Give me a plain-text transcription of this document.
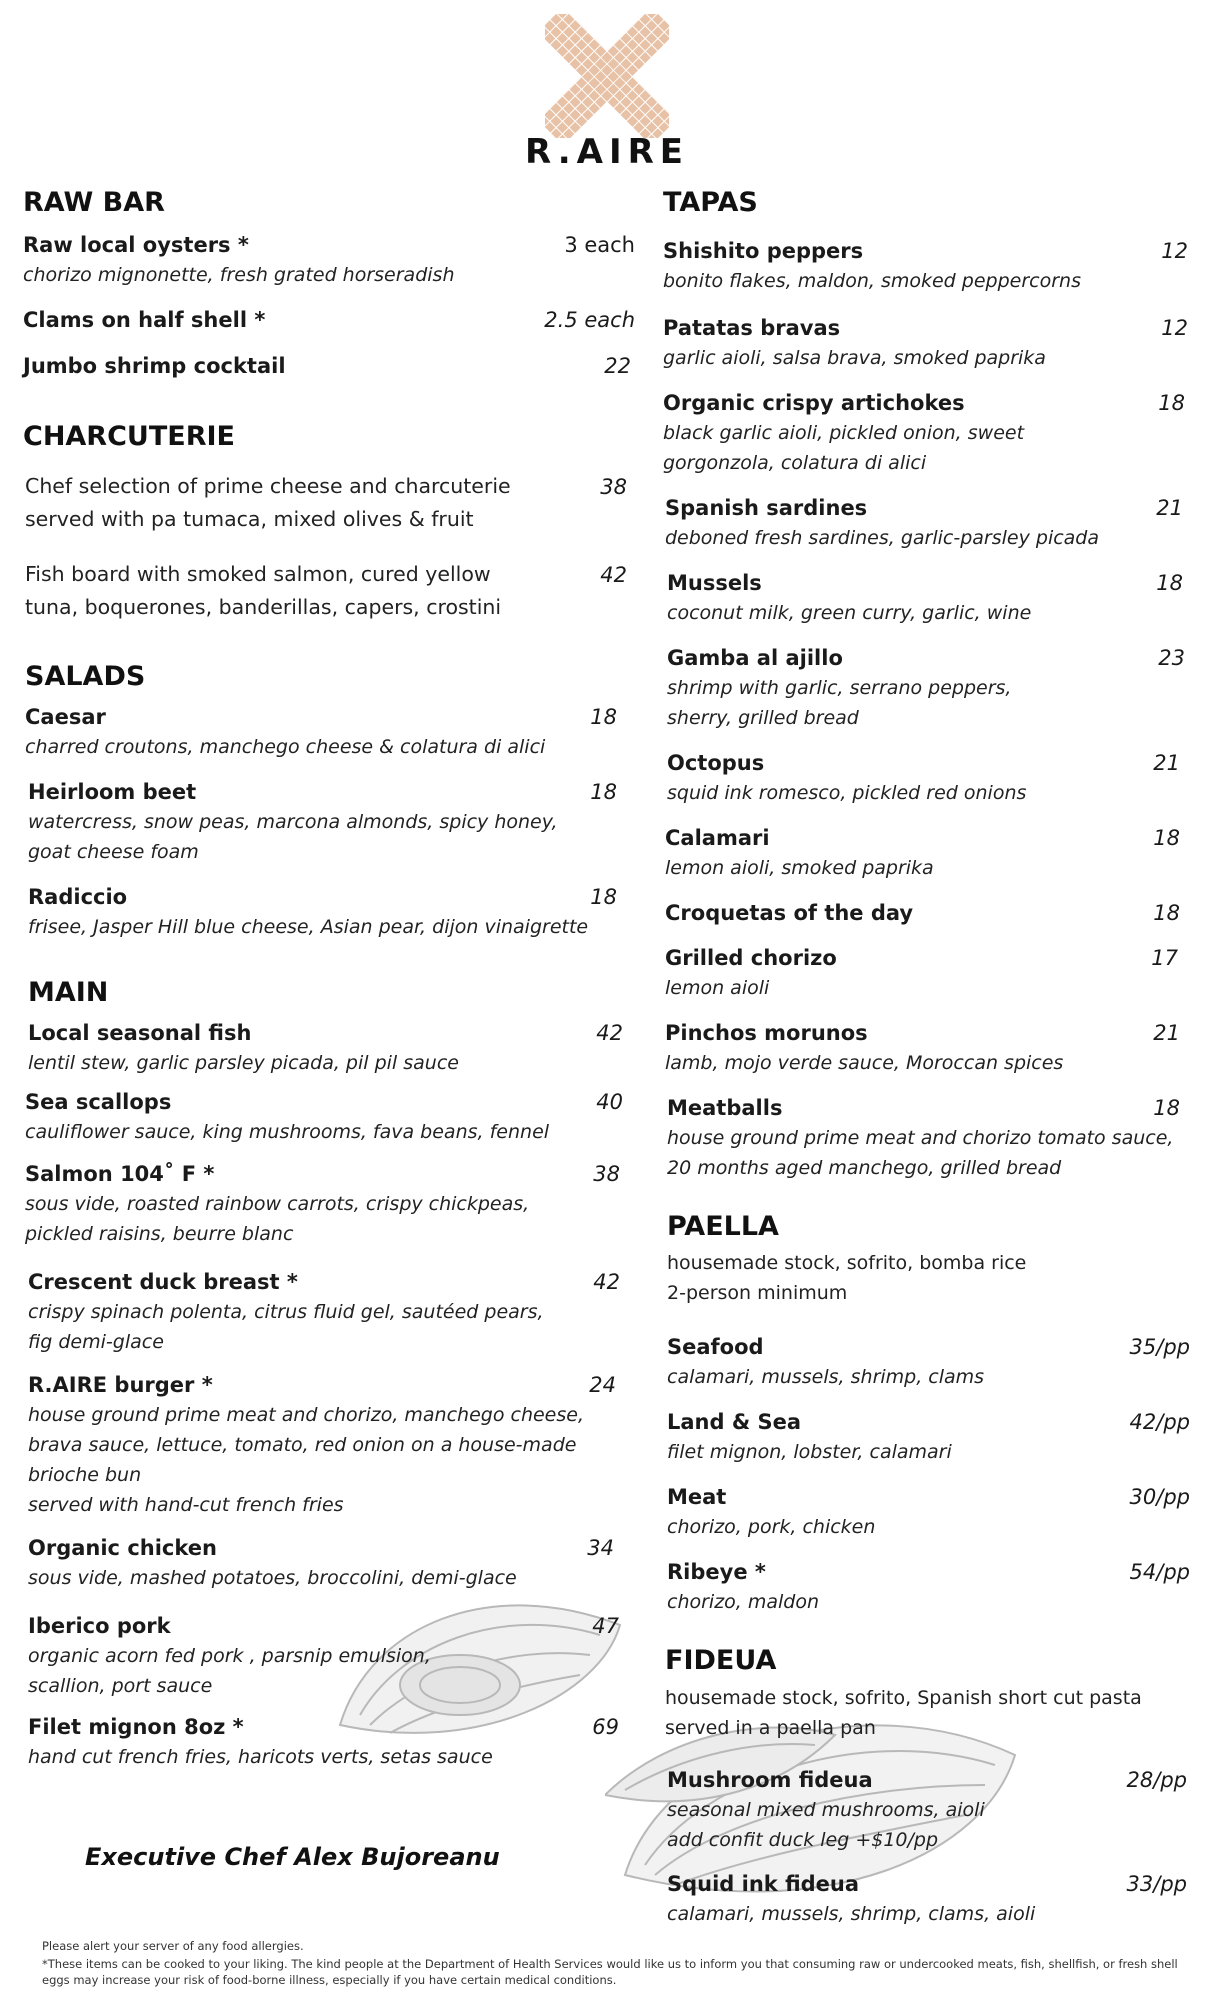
R.AIRE
RAW BAR
Raw local oysters *	3 each
chorizo mignonette, fresh grated horseradish
Clams on half shell *	2.5 each
Jumbo shrimp cocktail	22
CHARCUTERIE
Chef selection of prime cheese and charcuterie
served with pa tumaca, mixed olives & fruit
38
Fish board with smoked salmon, cured yellow
tuna, boquerones, banderillas, capers, crostini
42
SALADS
Caesar	18
charred croutons, manchego cheese & colatura di alici
Heirloom beet	18
watercress, snow peas, marcona almonds, spicy honey,
goat cheese foam
Radiccio	18
frisee, Jasper Hill blue cheese, Asian pear, dijon vinaigrette
MAIN
Local seasonal fish	42
lentil stew, garlic parsley picada, pil pil sauce
Sea scallops	40
cauliflower sauce, king mushrooms, fava beans, fennel
Salmon 104˚ F *	38
sous vide, roasted rainbow carrots, crispy chickpeas,
pickled raisins, beurre blanc
Crescent duck breast *	42
crispy spinach polenta, citrus fluid gel, sautéed pears,
fig demi-glace
R.AIRE burger *	24
house ground prime meat and chorizo, manchego cheese,
brava sauce, lettuce, tomato, red onion on a house-made
brioche bun
served with hand-cut french fries
Organic chicken	34
sous vide, mashed potatoes, broccolini, demi-glace
Iberico pork	47
organic acorn fed pork , parsnip emulsion,
scallion, port sauce
Filet mignon 8oz *	69
hand cut french fries, haricots verts, setas sauce
Executive Chef Alex Bujoreanu
TAPAS
Shishito peppers	12
bonito flakes, maldon, smoked peppercorns
Patatas bravas	12
garlic aioli, salsa brava, smoked paprika
Organic crispy artichokes	18
black garlic aioli, pickled onion, sweet
gorgonzola, colatura di alici
Spanish sardines	21
deboned fresh sardines, garlic-parsley picada
Mussels	18
coconut milk, green curry, garlic, wine
Gamba al ajillo	23
shrimp with garlic, serrano peppers,
sherry, grilled bread
Octopus	21
squid ink romesco, pickled red onions
Calamari	18
lemon aioli, smoked paprika
Croquetas of the day	18
Grilled chorizo	17
lemon aioli
Pinchos morunos	21
lamb, mojo verde sauce, Moroccan spices
Meatballs	18
house ground prime meat and chorizo tomato sauce,
20 months aged manchego, grilled bread
PAELLA
housemade stock, sofrito, bomba rice
2-person minimum
Seafood	35/pp
calamari, mussels, shrimp, clams
Land & Sea	42/pp
filet mignon, lobster, calamari
Meat	30/pp
chorizo, pork, chicken
Ribeye *	54/pp
chorizo, maldon
FIDEUA
housemade stock, sofrito, Spanish short cut pasta
served in a paella pan
Mushroom fideua	28/pp
seasonal mixed mushrooms, aioli
add confit duck leg +$10/pp
Squid ink fideua	33/pp
calamari, mussels, shrimp, clams, aioli
Please alert your server of any food allergies.
*These items can be cooked to your liking. The kind people at the Department of Health Services would like us to inform you that consuming raw or undercooked meats, fish, shellfish, or fresh shell eggs may increase your risk of food-borne illness, especially if you have certain medical conditions.
